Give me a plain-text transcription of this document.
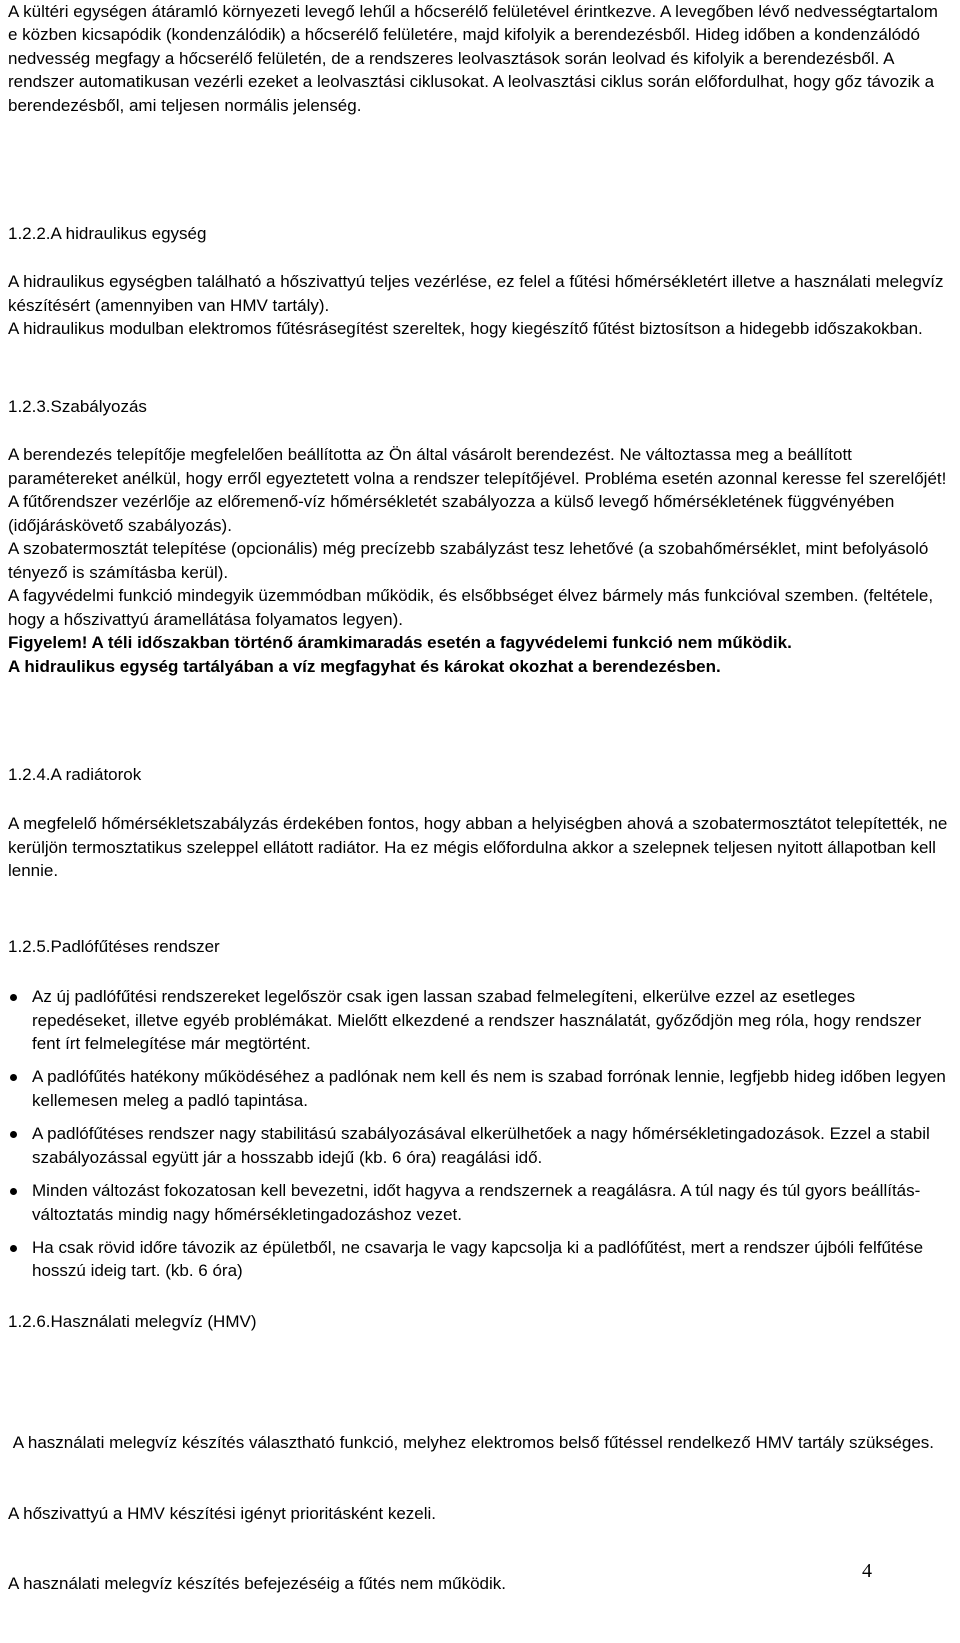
A kültéri egységen átáramló környezeti levegő lehűl a hőcserélő felületével érintkezve. A levegőben lévő nedvességtartalom e közben kicsapódik (kondenzálódik) a hőcserélő felületére, majd kifolyik a berendezésből. Hideg időben a kondenzálódó nedvesség megfagy a hőcserélő felületén, de a rendszeres leolvasztások során leolvad és kifolyik a berendezésből. A rendszer automatikusan vezérli ezeket a leolvasztási ciklusokat. A leolvasztási ciklus során előfordulhat, hogy gőz távozik a berendezésből, ami teljesen normális jelenség.
1.2.2.A hidraulikus egység

A hidraulikus egységben található a hőszivattyú teljes vezérlése, ez felel a fűtési hőmérsékletért illetve a használati melegvíz készítésért (amennyiben van HMV tartály).

A hidraulikus modulban elektromos fűtésrásegítést szereltek, hogy kiegészítő fűtést biztosítson a hidegebb időszakokban.

1.2.3.Szabályozás

A berendezés telepítője megfelelően beállította az Ön által vásárolt berendezést. Ne változtassa meg a beállított paramétereket anélkül, hogy erről egyeztetett volna a rendszer telepítőjével. Probléma esetén azonnal keresse fel szerelőjét!

A fűtőrendszer vezérlője az előremenő-víz hőmérsékletét szabályozza a külső levegő hőmérsékletének függvényében (időjáráskövető szabályozás).

A szobatermosztát telepítése (opcionális) még precízebb szabályzást tesz lehetővé (a szobahőmérséklet, mint befolyásoló tényező is számításba kerül).

A fagyvédelmi funkció mindegyik üzemmódban működik, és elsőbbséget élvez bármely más funkcióval szemben. (feltétele, hogy a hőszivattyú áramellátása folyamatos legyen).

Figyelem! A téli időszakban történő áramkimaradás esetén a fagyvédelemi funkció nem működik.

A hidraulikus egység tartályában a víz megfagyhat és károkat okozhat a berendezésben.

1.2.4.A radiátorok
A megfelelő hőmérsékletszabályzás érdekében fontos, hogy abban a helyiségben ahová a szobatermosztátot telepítették, ne kerüljön termosztatikus szeleppel ellátott radiátor. Ha ez mégis előfordulna akkor a szelepnek teljesen nyitott állapotban kell lennie.
1.2.5.Padlófűtéses rendszer
Az új padlófűtési rendszereket legelőször csak igen lassan szabad felmelegíteni, elkerülve ezzel az esetleges repedéseket, illetve egyéb problémákat. Mielőtt elkezdené a rendszer használatát, győződjön meg róla, hogy rendszer fent írt felmelegítése már megtörtént.
A padlófűtés hatékony működéséhez a padlónak nem kell és nem is szabad forrónak lennie, legfjebb hideg időben legyen kellemesen meleg a padló tapintása.
A padlófűtéses rendszer nagy stabilitású szabályozásával elkerülhetőek a nagy hőmérsékletingadozások. Ezzel a stabil szabályozással együtt jár a hosszabb idejű (kb. 6 óra) reagálási idő.
Minden változást fokozatosan kell bevezetni, időt hagyva a rendszernek a reagálásra. A túl nagy és túl gyors beállítás-változtatás mindig nagy hőmérsékletingadozáshoz vezet.
Ha csak rövid időre távozik az épületből, ne csavarja le vagy kapcsolja ki a padlófűtést, mert a rendszer újbóli felfűtése hosszú ideig tart. (kb. 6 óra)
1.2.6.Használati melegvíz (HMV)

A használati melegvíz készítés választható funkció, melyhez elektromos belső fűtéssel rendelkező HMV tartály szükséges.

A hőszivattyú a HMV készítési igényt prioritásként kezeli.

A használati melegvíz készítés befejezéséig a fűtés nem működik.

4
